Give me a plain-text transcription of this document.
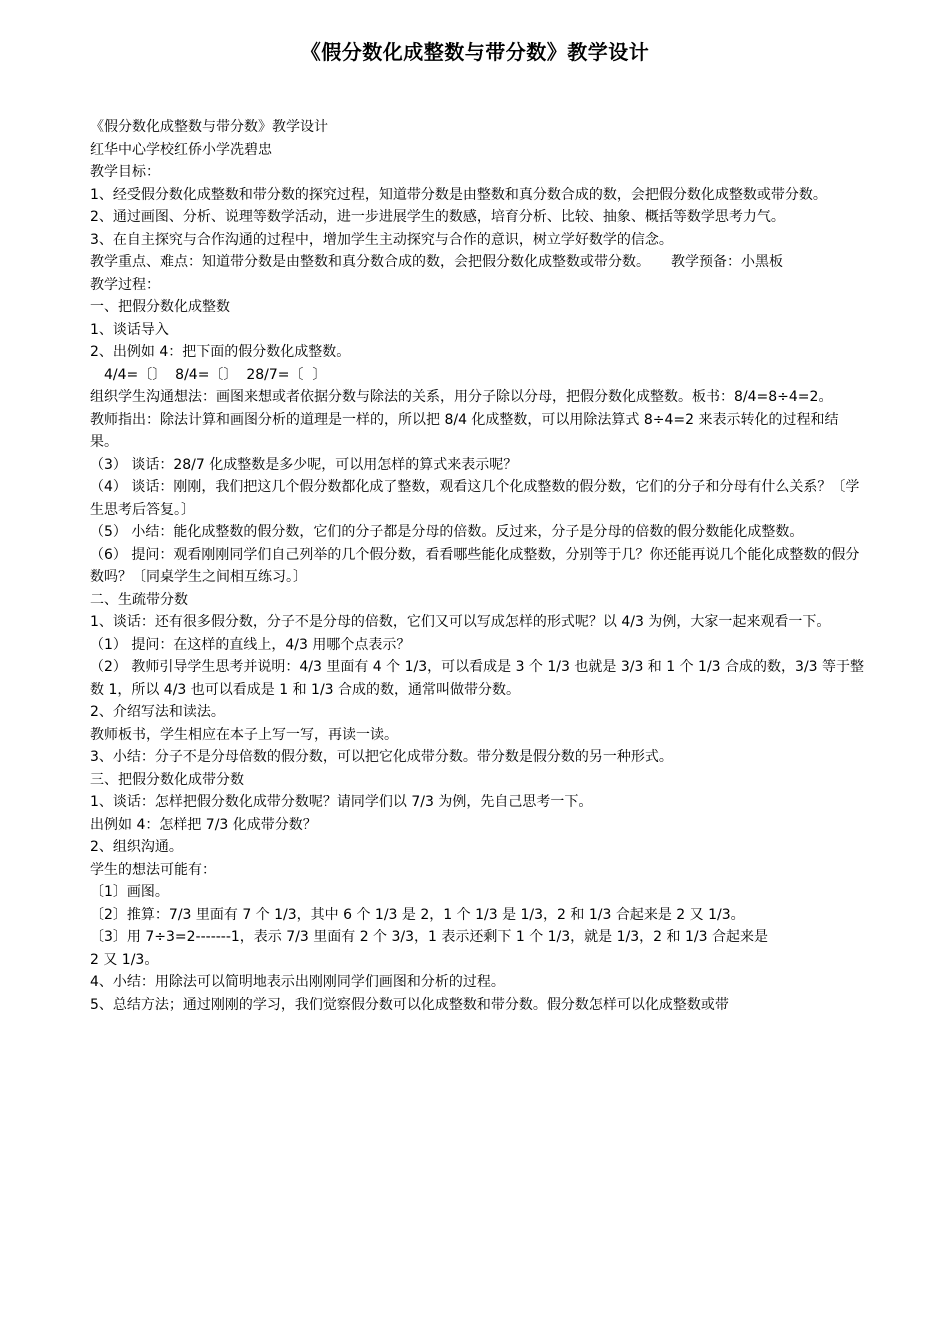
《假分数化成整数与带分数》教学设计
《假分数化成整数与带分数》教学设计
红华中心学校红侨小学冼碧忠
教学目标：
1、经受假分数化成整数和带分数的探究过程，知道带分数是由整数和真分数合成的数，会把假分数化成整数或带分数。
2、通过画图、分析、说理等数学活动，进一步进展学生的数感，培育分析、比较、抽象、概括等数学思考力气。
3、在自主探究与合作沟通的过程中，增加学生主动探究与合作的意识，树立学好数学的信念。
教学重点、难点：知道带分数是由整数和真分数合成的数，会把假分数化成整数或带分数。　　教学预备：小黑板
教学过程：
一、把假分数化成整数
1、谈话导入
2、出例如 4：把下面的假分数化成整数。
4/4=〔〕  8/4=〔〕  28/7=〔  〕
组织学生沟通想法：画图来想或者依据分数与除法的关系，用分子除以分母，把假分数化成整数。板书：8/4=8÷4=2。
教师指出：除法计算和画图分析的道理是一样的，所以把 8/4 化成整数，可以用除法算式 8÷4=2 来表示转化的过程和结果。
（3） 谈话：28/7 化成整数是多少呢，可以用怎样的算式来表示呢？
（4） 谈话：刚刚，我们把这几个假分数都化成了整数，观看这几个化成整数的假分数，它们的分子和分母有什么关系？〔学生思考后答复。〕
（5） 小结：能化成整数的假分数，它们的分子都是分母的倍数。反过来，分子是分母的倍数的假分数能化成整数。
（6） 提问：观看刚刚同学们自己列举的几个假分数，看看哪些能化成整数，分别等于几？你还能再说几个能化成整数的假分数吗？〔同桌学生之间相互练习。〕
二、生疏带分数
1、谈话：还有很多假分数，分子不是分母的倍数，它们又可以写成怎样的形式呢？以 4/3 为例，大家一起来观看一下。
（1） 提问：在这样的直线上，4/3 用哪个点表示？
（2） 教师引导学生思考并说明：4/3 里面有 4 个 1/3，可以看成是 3 个 1/3 也就是 3/3 和 1 个 1/3 合成的数，3/3 等于整数 1，所以 4/3 也可以看成是 1 和 1/3 合成的数，通常叫做带分数。
2、介绍写法和读法。
教师板书，学生相应在本子上写一写，再读一读。
3、小结：分子不是分母倍数的假分数，可以把它化成带分数。带分数是假分数的另一种形式。
三、把假分数化成带分数
1、谈话：怎样把假分数化成带分数呢？请同学们以 7/3 为例，先自己思考一下。
出例如 4：怎样把 7/3 化成带分数？
2、组织沟通。
学生的想法可能有：
〔1〕画图。
〔2〕推算：7/3 里面有 7 个 1/3，其中 6 个 1/3 是 2，1 个 1/3 是 1/3，2 和 1/3 合起来是 2 又 1/3。
〔3〕用 7÷3=2-------1，表示 7/3 里面有 2 个 3/3，1 表示还剩下 1 个 1/3，就是 1/3，2 和 1/3 合起来是
2 又 1/3。
4、小结：用除法可以简明地表示出刚刚同学们画图和分析的过程。
5、总结方法；通过刚刚的学习，我们觉察假分数可以化成整数和带分数。假分数怎样可以化成整数或带
